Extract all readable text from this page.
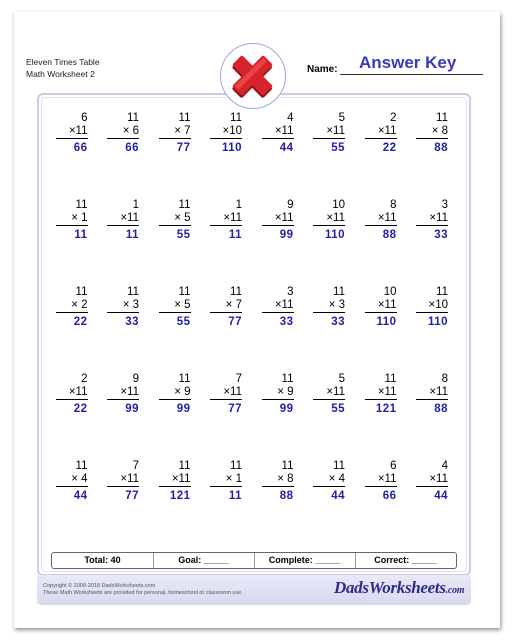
Eleven Times Table
Math Worksheet 2	Name: Answer Key
6
×11
66
11
× 6
66
11
× 7
77
11
×10
110
4
×11
44
5
×11
55
2
×11
22
11
× 8
88
11
× 1
11
1
×11
11
11
× 5
55
1
×11
11
9
×11
99
10
×11
110
8
×11
88
3
×11
33
11
× 2
22
11
× 3
33
11
× 5
55
11
× 7
77
3
×11
33
11
× 3
33
10
×11
110
11
×10
110
2
×11
22
9
×11
99
11
× 9
99
7
×11
77
11
× 9
99
5
×11
55
11
×11
121
8
×11
88
11
× 4
44
7
×11
77
11
×11
121
11
× 1
11
11
× 8
88
11
× 4
44
6
×11
66
4
×11
44
Total: 40	Goal: _____	Complete: _____	Correct: _____
Copyright © 2008-2018 DadsWorksheets.com
These Math Worksheets are provided for personal, homeschool or classroom use.	DadsWorksheets.com
